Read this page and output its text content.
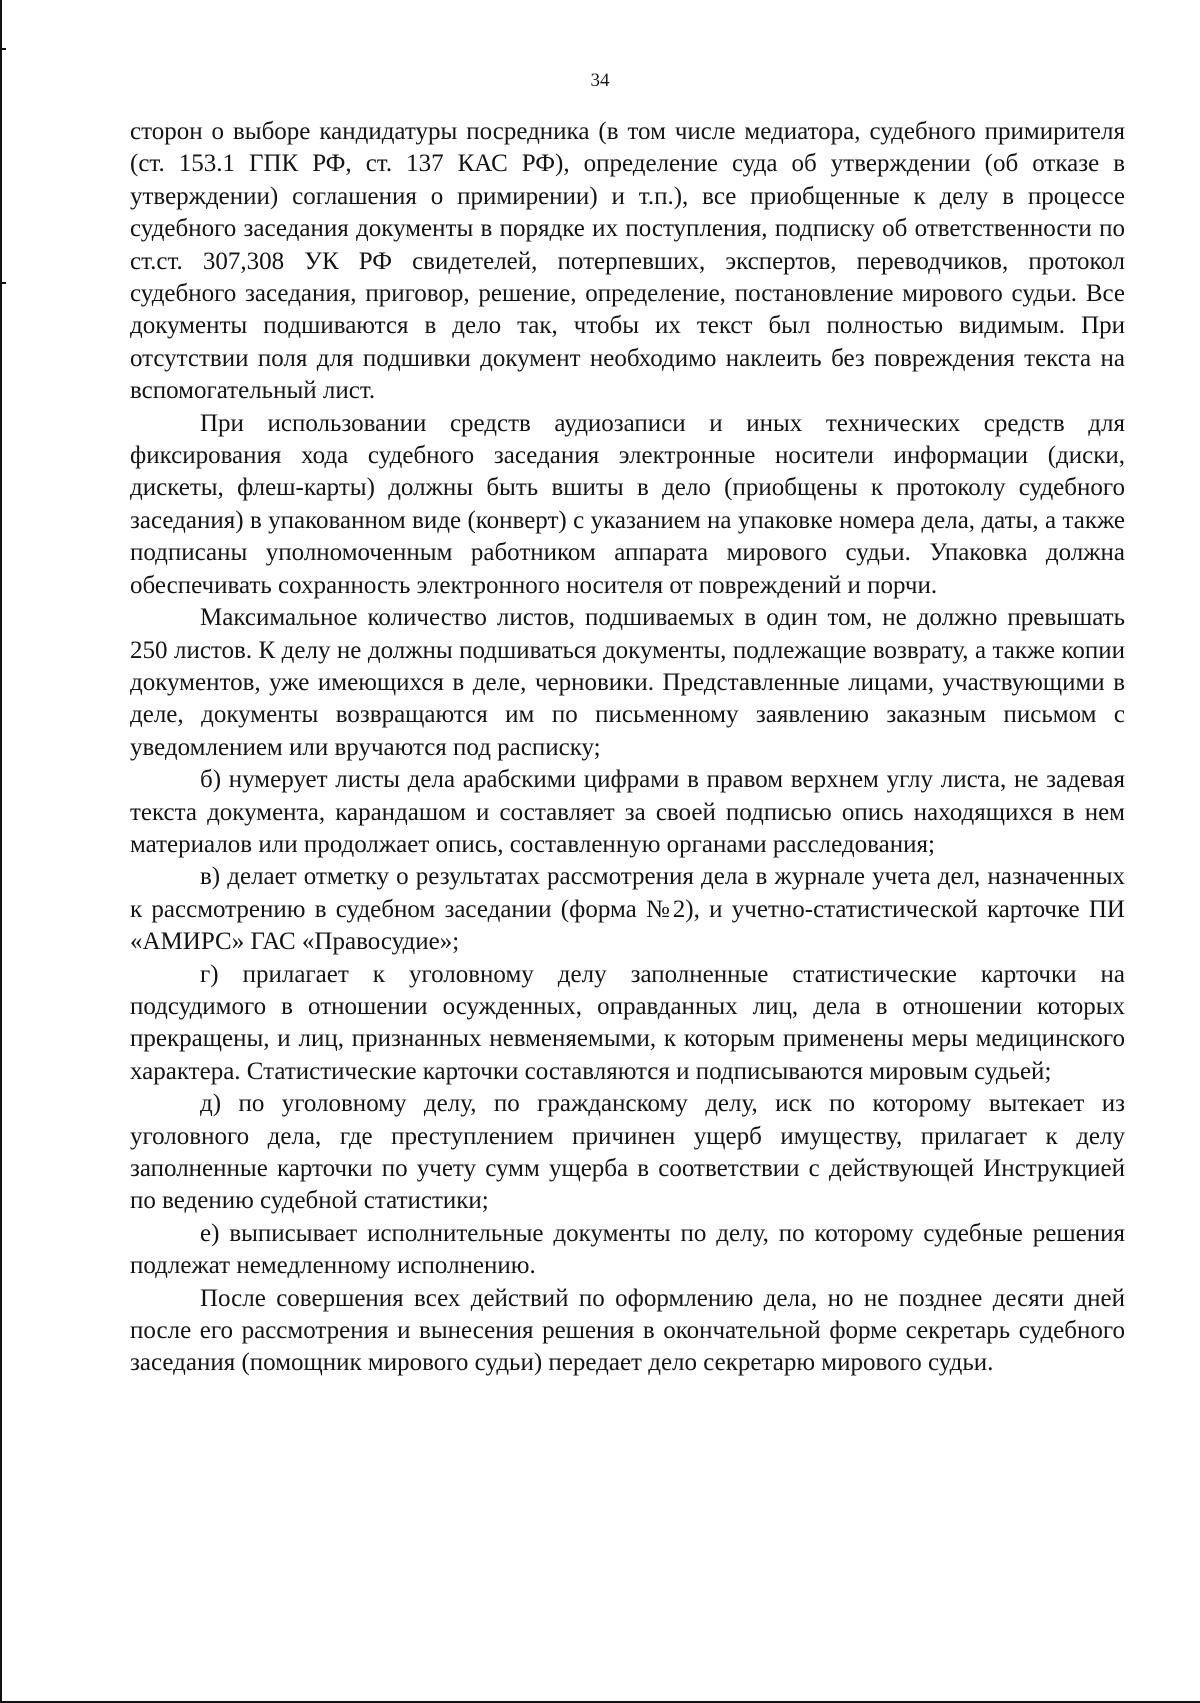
34

сторон о выборе кандидатуры посредника (в том числе медиатора, судебного примирителя (ст. 153.1 ГПК РФ, ст. 137 КАС РФ), определение суда об утверждении (об отказе в утверждении) соглашения о примирении) и т.п.), все приобщенные к делу в процессе судебного заседания документы в порядке их поступления, подписку об ответственности по ст.ст. 307,308 УК РФ свидетелей, потерпевших, экспертов, переводчиков, протокол судебного заседания, приговор, решение, определение, постановление мирового судьи. Все документы подшиваются в дело так, чтобы их текст был полностью видимым. При отсутствии поля для подшивки документ необходимо наклеить без повреждения текста на вспомогательный лист.

При использовании средств аудиозаписи и иных технических средств для фиксирования хода судебного заседания электронные носители информации (диски, дискеты, флеш-карты) должны быть вшиты в дело (приобщены к протоколу судебного заседания) в упакованном виде (конверт) с указанием на упаковке номера дела, даты, а также подписаны уполномоченным работником аппарата мирового судьи. Упаковка должна обеспечивать сохранность электронного носителя от повреждений и порчи.

Максимальное количество листов, подшиваемых в один том, не должно превышать 250 листов. К делу не должны подшиваться документы, подлежащие возврату, а также копии документов, уже имеющихся в деле, черновики. Представленные лицами, участвующими в деле, документы возвращаются им по письменному заявлению заказным письмом с уведомлением или вручаются под расписку;

б) нумерует листы дела арабскими цифрами в правом верхнем углу листа, не задевая текста документа, карандашом и составляет за своей подписью опись находящихся в нем материалов или продолжает опись, составленную органами расследования;

в) делает отметку о результатах рассмотрения дела в журнале учета дел, назначенных к рассмотрению в судебном заседании (форма №2), и учетно-статистической карточке ПИ «АМИРС» ГАС «Правосудие»;

г) прилагает к уголовному делу заполненные статистические карточки на подсудимого в отношении осужденных, оправданных лиц, дела в отношении которых прекращены, и лиц, признанных невменяемыми, к которым применены меры медицинского характера. Статистические карточки составляются и подписываются мировым судьей;

д) по уголовному делу, по гражданскому делу, иск по которому вытекает из уголовного дела, где преступлением причинен ущерб имуществу, прилагает к делу заполненные карточки по учету сумм ущерба в соответствии с действующей Инструкцией по ведению судебной статистики;

е) выписывает исполнительные документы по делу, по которому судебные решения подлежат немедленному исполнению.

После совершения всех действий по оформлению дела, но не позднее десяти дней после его рассмотрения и вынесения решения в окончательной форме секретарь судебного заседания (помощник мирового судьи) передает дело секретарю мирового судьи.
